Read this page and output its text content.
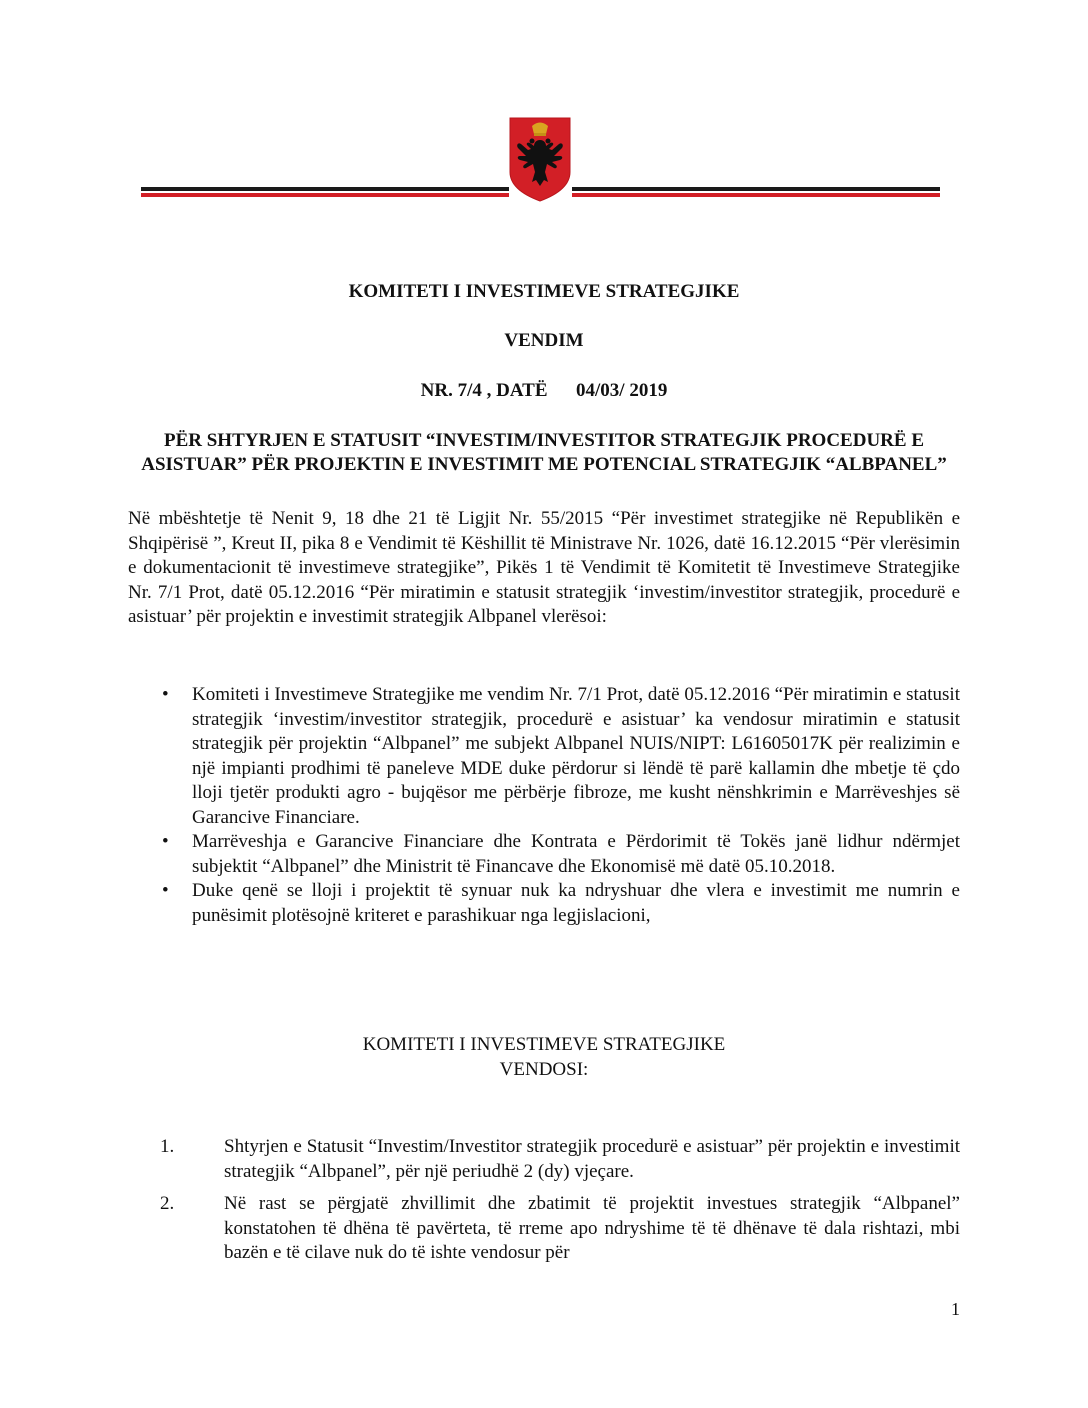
KOMITETI I INVESTIMEVE STRATEGJIKE
VENDIM
NR. 7/4 , DATË      04/03/ 2019
PËR SHTYRJEN E STATUSIT “INVESTIM/INVESTITOR STRATEGJIK PROCEDURË E ASISTUAR” PËR PROJEKTIN E INVESTIMIT ME POTENCIAL STRATEGJIK “ALBPANEL”
Në mbështetje të Nenit 9, 18 dhe 21 të Ligjit Nr. 55/2015 “Për investimet strategjike në Republikën e Shqipërisë ”, Kreut II, pika 8 e Vendimit të Këshillit të Ministrave Nr. 1026, datë 16.12.2015 “Për vlerësimin e dokumentacionit të investimeve strategjike”, Pikës 1 të Vendimit të Komitetit të Investimeve Strategjike Nr. 7/1 Prot, datë 05.12.2016 “Për miratimin e statusit strategjik ‘investim/investitor strategjik, procedurë e asistuar’ për projektin e investimit strategjik Albpanel vlerësoi:
• Komiteti i Investimeve Strategjike me vendim Nr. 7/1 Prot, datë 05.12.2016 “Për miratimin e statusit strategjik ‘investim/investitor strategjik, procedurë e asistuar’ ka vendosur miratimin e statusit strategjik për projektin “Albpanel” me subjekt Albpanel NUIS/NIPT: L61605017K për realizimin e një impianti prodhimi të paneleve MDE duke përdorur si lëndë të parë kallamin dhe mbetje të çdo lloji tjetër produkti agro - bujqësor me përbërje fibroze, me kusht nënshkrimin e Marrëveshjes së Garancive Financiare.
• Marrëveshja e Garancive Financiare dhe Kontrata e Përdorimit të Tokës janë lidhur ndërmjet subjektit “Albpanel” dhe Ministrit të Financave dhe Ekonomisë më datë 05.10.2018.
• Duke qenë se lloji i projektit të synuar nuk ka ndryshuar dhe vlera e investimit me numrin e punësimit plotësojnë kriteret e parashikuar nga legjislacioni,
KOMITETI I INVESTIMEVE STRATEGJIKE
VENDOSI:
1.	Shtyrjen e Statusit “Investim/Investitor strategjik procedurë e asistuar” për projektin e investimit strategjik “Albpanel”, për një periudhë 2 (dy) vjeçare.
2.	Në rast se përgjatë zhvillimit dhe zbatimit të projektit investues strategjik “Albpanel” konstatohen të dhëna të pavërteta, të rreme apo ndryshime të të dhënave të dala rishtazi, mbi bazën e të cilave nuk do të ishte vendosur për
1
